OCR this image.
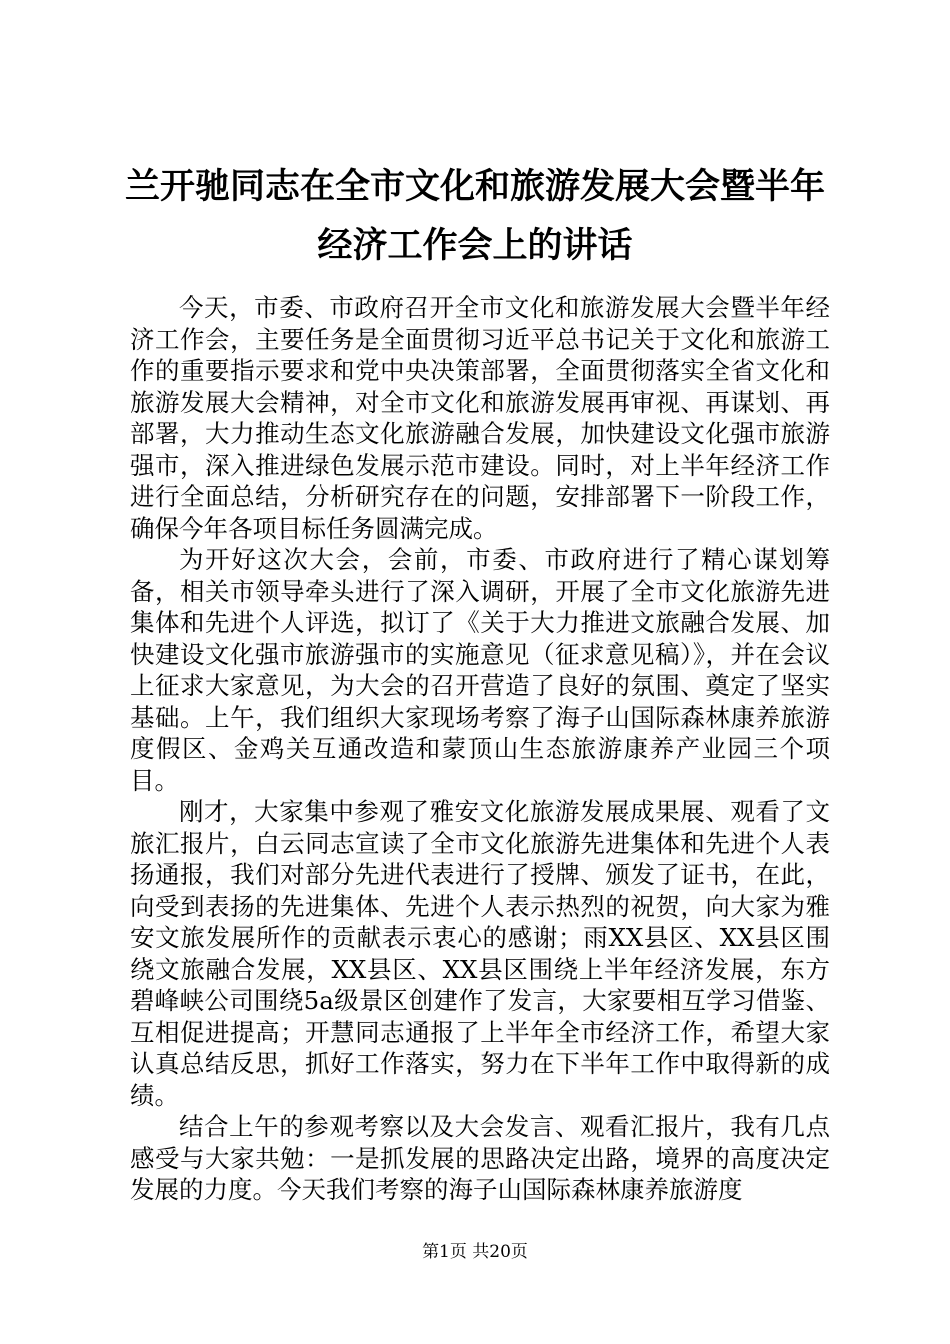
兰开驰同志在全市文化和旅游发展大会暨半年
经济工作会上的讲话

今天，市委、市政府召开全市文化和旅游发展大会暨半年经济工作会，主要任务是全面贯彻习近平总书记关于文化和旅游工作的重要指示要求和党中央决策部署，全面贯彻落实全省文化和旅游发展大会精神，对全市文化和旅游发展再审视、再谋划、再部署，大力推动生态文化旅游融合发展，加快建设文化强市旅游强市，深入推进绿色发展示范市建设。同时，对上半年经济工作进行全面总结，分析研究存在的问题，安排部署下一阶段工作，确保今年各项目标任务圆满完成。

为开好这次大会，会前，市委、市政府进行了精心谋划筹备，相关市领导牵头进行了深入调研，开展了全市文化旅游先进集体和先进个人评选，拟订了《关于大力推进文旅融合发展、加快建设文化强市旅游强市的实施意见（征求意见稿）》，并在会议上征求大家意见，为大会的召开营造了良好的氛围、奠定了坚实基础。上午，我们组织大家现场考察了海子山国际森林康养旅游度假区、金鸡关互通改造和蒙顶山生态旅游康养产业园三个项目。

刚才，大家集中参观了雅安文化旅游发展成果展、观看了文旅汇报片，白云同志宣读了全市文化旅游先进集体和先进个人表扬通报，我们对部分先进代表进行了授牌、颁发了证书，在此，向受到表扬的先进集体、先进个人表示热烈的祝贺，向大家为雅安文旅发展所作的贡献表示衷心的感谢；雨XX县区、XX县区围绕文旅融合发展，XX县区、XX县区围绕上半年经济发展，东方碧峰峡公司围绕5a级景区创建作了发言，大家要相互学习借鉴、互相促进提高；开慧同志通报了上半年全市经济工作，希望大家认真总结反思，抓好工作落实，努力在下半年工作中取得新的成绩。

结合上午的参观考察以及大会发言、观看汇报片，我有几点感受与大家共勉：一是抓发展的思路决定出路，境界的高度决定发展的力度。今天我们考察的海子山国际森林康养旅游度

第1页 共20页
